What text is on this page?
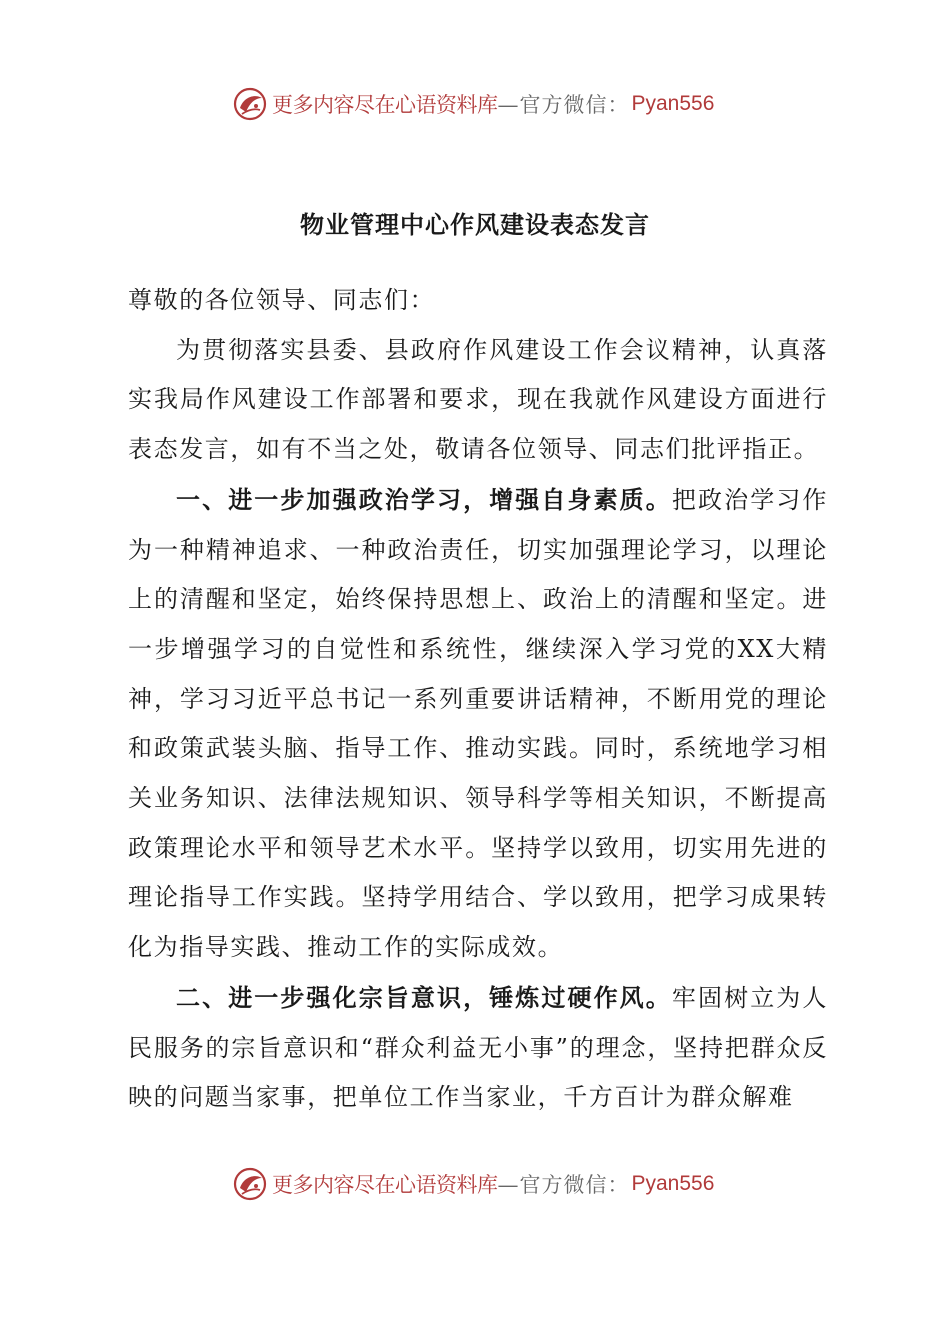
更多内容尽在心语资料库 —官方微信： Pyan556
物业管理中心作风建设表态发言

尊敬的各位领导、同志们：

为贯彻落实县委、县政府作风建设工作会议精神，认真落实我局作风建设工作部署和要求，现在我就作风建设方面进行表态发言，如有不当之处，敬请各位领导、同志们批评指正。

一、进一步加强政治学习，增强自身素质。把政治学习作为一种精神追求、一种政治责任，切实加强理论学习，以理论上的清醒和坚定，始终保持思想上、政治上的清醒和坚定。进一步增强学习的自觉性和系统性，继续深入学习党的XX大精神，学习习近平总书记一系列重要讲话精神，不断用党的理论和政策武装头脑、指导工作、推动实践。同时，系统地学习相关业务知识、法律法规知识、领导科学等相关知识，不断提高政策理论水平和领导艺术水平。坚持学以致用，切实用先进的理论指导工作实践。坚持学用结合、学以致用，把学习成果转化为指导实践、推动工作的实际成效。

二、进一步强化宗旨意识，锤炼过硬作风。牢固树立为人民服务的宗旨意识和“群众利益无小事”的理念，坚持把群众反映的问题当家事，把单位工作当家业，千方百计为群众解难

更多内容尽在心语资料库 —官方微信： Pyan556
